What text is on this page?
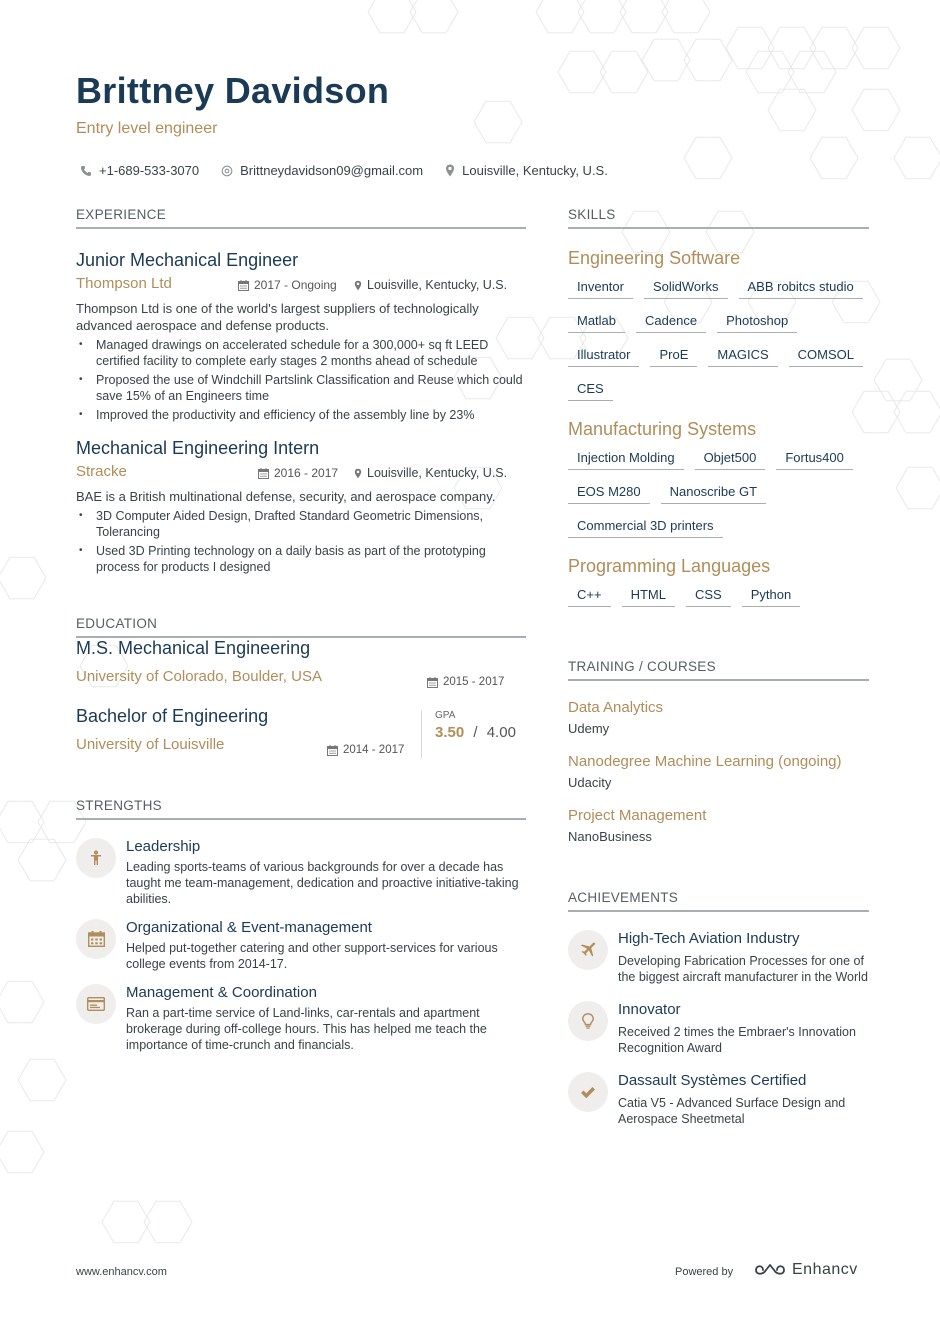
Brittney Davidson
Entry level engineer
+1-689-533-3070	Brittneydavidson09@gmail.com	Louisville, Kentucky, U.S.
EXPERIENCE
Junior Mechanical Engineer
Thompson Ltd	2017 - Ongoing Louisville, Kentucky, U.S.
Thompson Ltd is one of the world's largest suppliers of technologically advanced aerospace and defense products.
• Managed drawings on accelerated schedule for a 300,000+ sq ft LEED certified facility to complete early stages 2 months ahead of schedule
• Proposed the use of Windchill Partslink Classification and Reuse which could save 15% of an Engineers time
• Improved the productivity and efficiency of the assembly line by 23%
Mechanical Engineering Intern
Stracke	2016 - 2017 Louisville, Kentucky, U.S.
BAE is a British multinational defense, security, and aerospace company.
• 3D Computer Aided Design, Drafted Standard Geometric Dimensions, Tolerancing
• Used 3D Printing technology on a daily basis as part of the prototyping process for products I designed
EDUCATION
M.S. Mechanical Engineering
University of Colorado, Boulder, USA	2015 - 2017
Bachelor of Engineering
University of Louisville	2014 - 2017
GPA
3.50 / 4.00
STRENGTHS
Leadership
Leading sports-teams of various backgrounds for over a decade has taught me team-management, dedication and proactive initiative-taking abilities.
Organizational & Event-management
Helped put-together catering and other support-services for various college events from 2014-17.
Management & Coordination
Ran a part-time service of Land-links, car-rentals and apartment brokerage during off-college hours. This has helped me teach the importance of time-crunch and financials.
SKILLS
Engineering Software
Inventor	SolidWorks	ABB robitcs studio
Matlab	Cadence	Photoshop
Illustrator	ProE	MAGICS	COMSOL
CES
Manufacturing Systems
Injection Molding	Objet500	Fortus400
EOS M280	Nanoscribe GT
Commercial 3D printers
Programming Languages
C++	HTML	CSS	Python
TRAINING / COURSES
Data Analytics
Udemy
Nanodegree Machine Learning (ongoing)
Udacity
Project Management
NanoBusiness
ACHIEVEMENTS
High-Tech Aviation Industry
Developing Fabrication Processes for one of the biggest aircraft manufacturer in the World
Innovator
Received 2 times the Embraer's Innovation Recognition Award
Dassault Systèmes Certified
Catia V5 - Advanced Surface Design and Aerospace Sheetmetal
www.enhancv.com	Powered by	Enhancv
